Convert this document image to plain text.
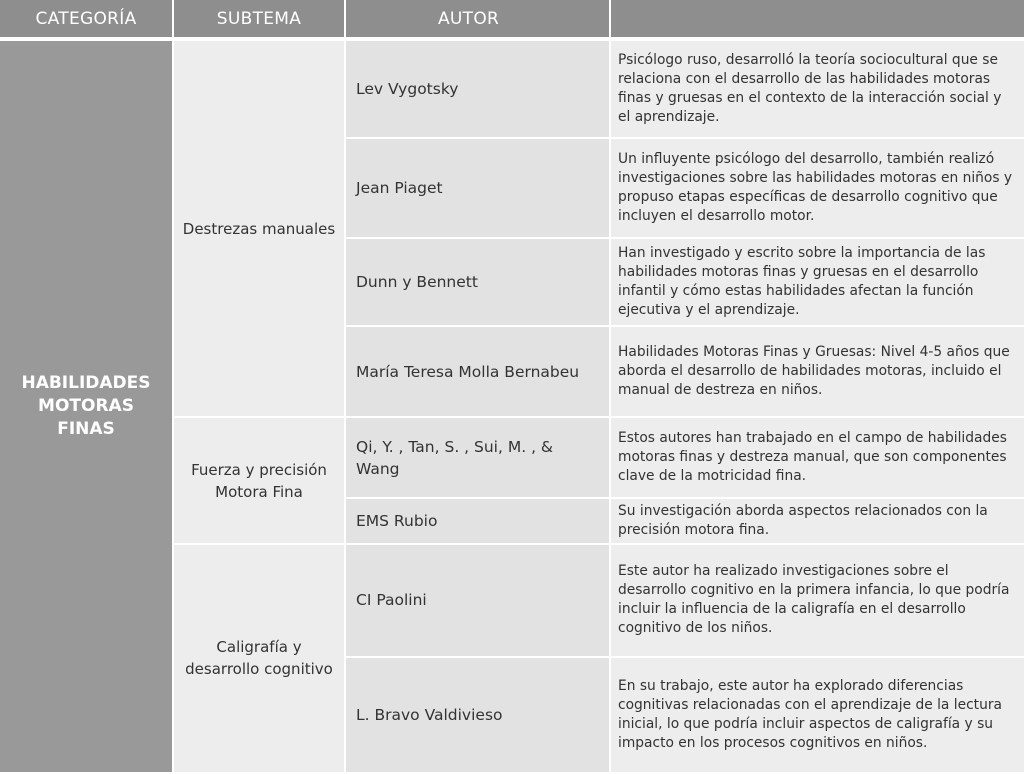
CATEGORÍA	SUBTEMA	AUTOR	
HABILIDADES MOTORAS FINAS	Destrezas manuales	Lev Vygotsky	Psicólogo ruso, desarrolló la teoría sociocultural que se relaciona con el desarrollo de las habilidades motoras finas y gruesas en el contexto de la interacción social y el aprendizaje.
		Jean Piaget	Un influyente psicólogo del desarrollo, también realizó investigaciones sobre las habilidades motoras en niños y propuso etapas específicas de desarrollo cognitivo que incluyen el desarrollo motor.
		Dunn y Bennett	Han investigado y escrito sobre la importancia de las habilidades motoras finas y gruesas en el desarrollo infantil y cómo estas habilidades afectan la función ejecutiva y el aprendizaje.
		María Teresa Molla Bernabeu	Habilidades Motoras Finas y Gruesas: Nivel 4-5 años que aborda el desarrollo de habilidades motoras, incluido el manual de destreza en niños.
	Fuerza y precisión Motora Fina	Qi, Y. , Tan, S. , Sui, M. , & Wang	Estos autores han trabajado en el campo de habilidades motoras finas y destreza manual, que son componentes clave de la motricidad fina.
		EMS Rubio	Su investigación aborda aspectos relacionados con la precisión motora fina.
	Caligrafía y desarrollo cognitivo	CI Paolini	Este autor ha realizado investigaciones sobre el desarrollo cognitivo en la primera infancia, lo que podría incluir la influencia de la caligrafía en el desarrollo cognitivo de los niños.
		L. Bravo Valdivieso	En su trabajo, este autor ha explorado diferencias cognitivas relacionadas con el aprendizaje de la lectura inicial, lo que podría incluir aspectos de caligrafía y su impacto en los procesos cognitivos en niños.
